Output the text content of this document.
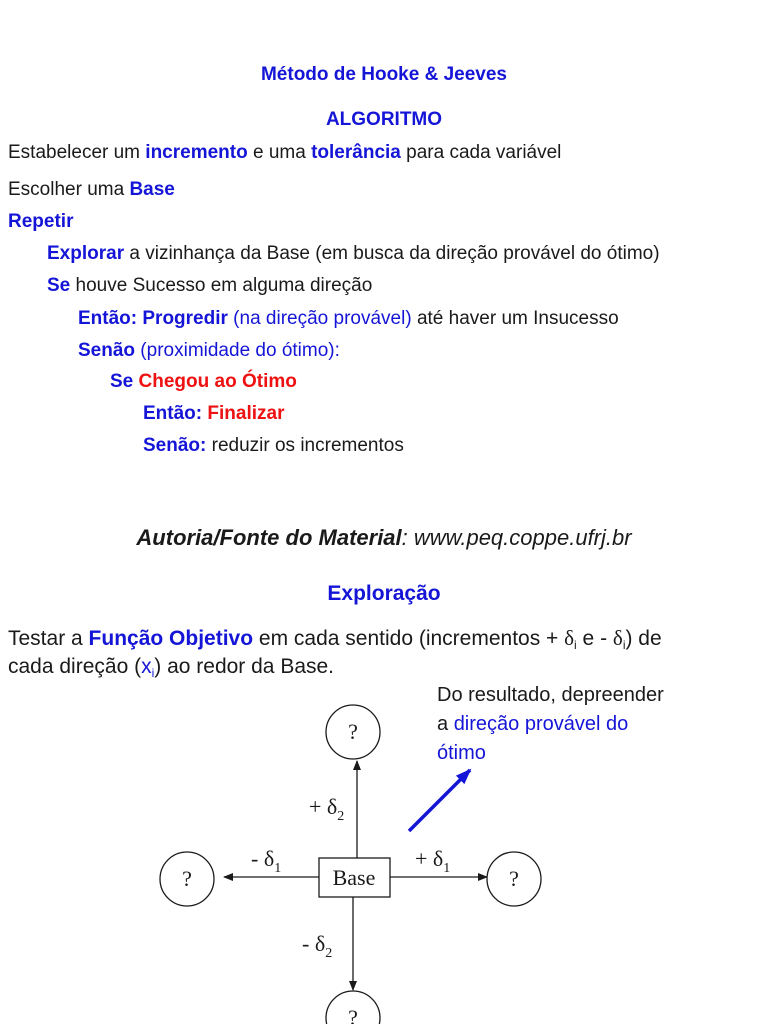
Método de Hooke & Jeeves
ALGORITMO
Estabelecer um incremento e uma tolerância para cada variável
Escolher uma Base
Repetir
Explorar a vizinhança da Base (em busca da direção provável do ótimo)
Se houve Sucesso em alguma direção
Então: Progredir (na direção provável) até haver um Insucesso
Senão (proximidade do ótimo):
Se Chegou ao Ótimo
Então: Finalizar
Senão: reduzir os incrementos
Autoria/Fonte do Material: www.peq.coppe.ufrj.br
Exploração
Testar a Função Objetivo em cada sentido (incrementos + $\delta_i$ e - $\delta_i$) de
cada direção $(x_i)$ ao redor da Base.
Do resultado, depreender
a direção provável do
ótimo
Base
?
?	?
?
+ $\delta_2$
- $\delta_1$	+ $\delta_1$
- $\delta_2$
